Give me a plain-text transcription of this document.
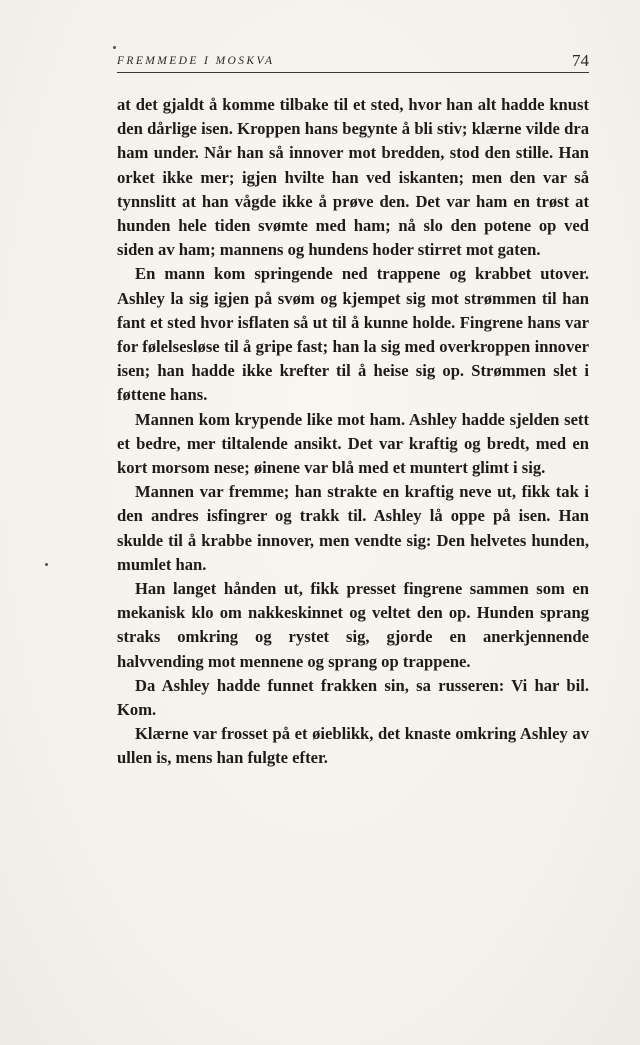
FREMMEDE I MOSKVA	74

at det gjaldt å komme tilbake til et sted, hvor han alt hadde knust den dårlige isen. Kroppen hans begynte å bli stiv; klærne vilde dra ham under. Når han så innover mot bredden, stod den stille. Han orket ikke mer; igjen hvilte han ved iskanten; men den var så tynnslitt at han vågde ikke å prøve den. Det var ham en trøst at hunden hele tiden svømte med ham; nå slo den potene op ved siden av ham; mannens og hundens hoder stirret mot gaten.

En mann kom springende ned trappene og krabbet utover. Ashley la sig igjen på svøm og kjempet sig mot strømmen til han fant et sted hvor isflaten så ut til å kunne holde. Fingrene hans var for følelsesløse til å gripe fast; han la sig med overkroppen innover isen; han hadde ikke krefter til å heise sig op. Strømmen slet i føttene hans.

Mannen kom krypende like mot ham. Ashley hadde sjelden sett et bedre, mer tiltalende ansikt. Det var kraftig og bredt, med en kort morsom nese; øinene var blå med et muntert glimt i sig.

Mannen var fremme; han strakte en kraftig neve ut, fikk tak i den andres isfingrer og trakk til. Ashley lå oppe på isen. Han skulde til å krabbe innover, men vendte sig: Den helvetes hunden, mumlet han.

Han langet hånden ut, fikk presset fingrene sammen som en mekanisk klo om nakkeskinnet og veltet den op. Hunden sprang straks omkring og rystet sig, gjorde en anerkjennende halvvending mot mennene og sprang op trappene.

Da Ashley hadde funnet frakken sin, sa russeren: Vi har bil. Kom.

Klærne var frosset på et øieblikk, det knaste omkring Ashley av ullen is, mens han fulgte efter.
